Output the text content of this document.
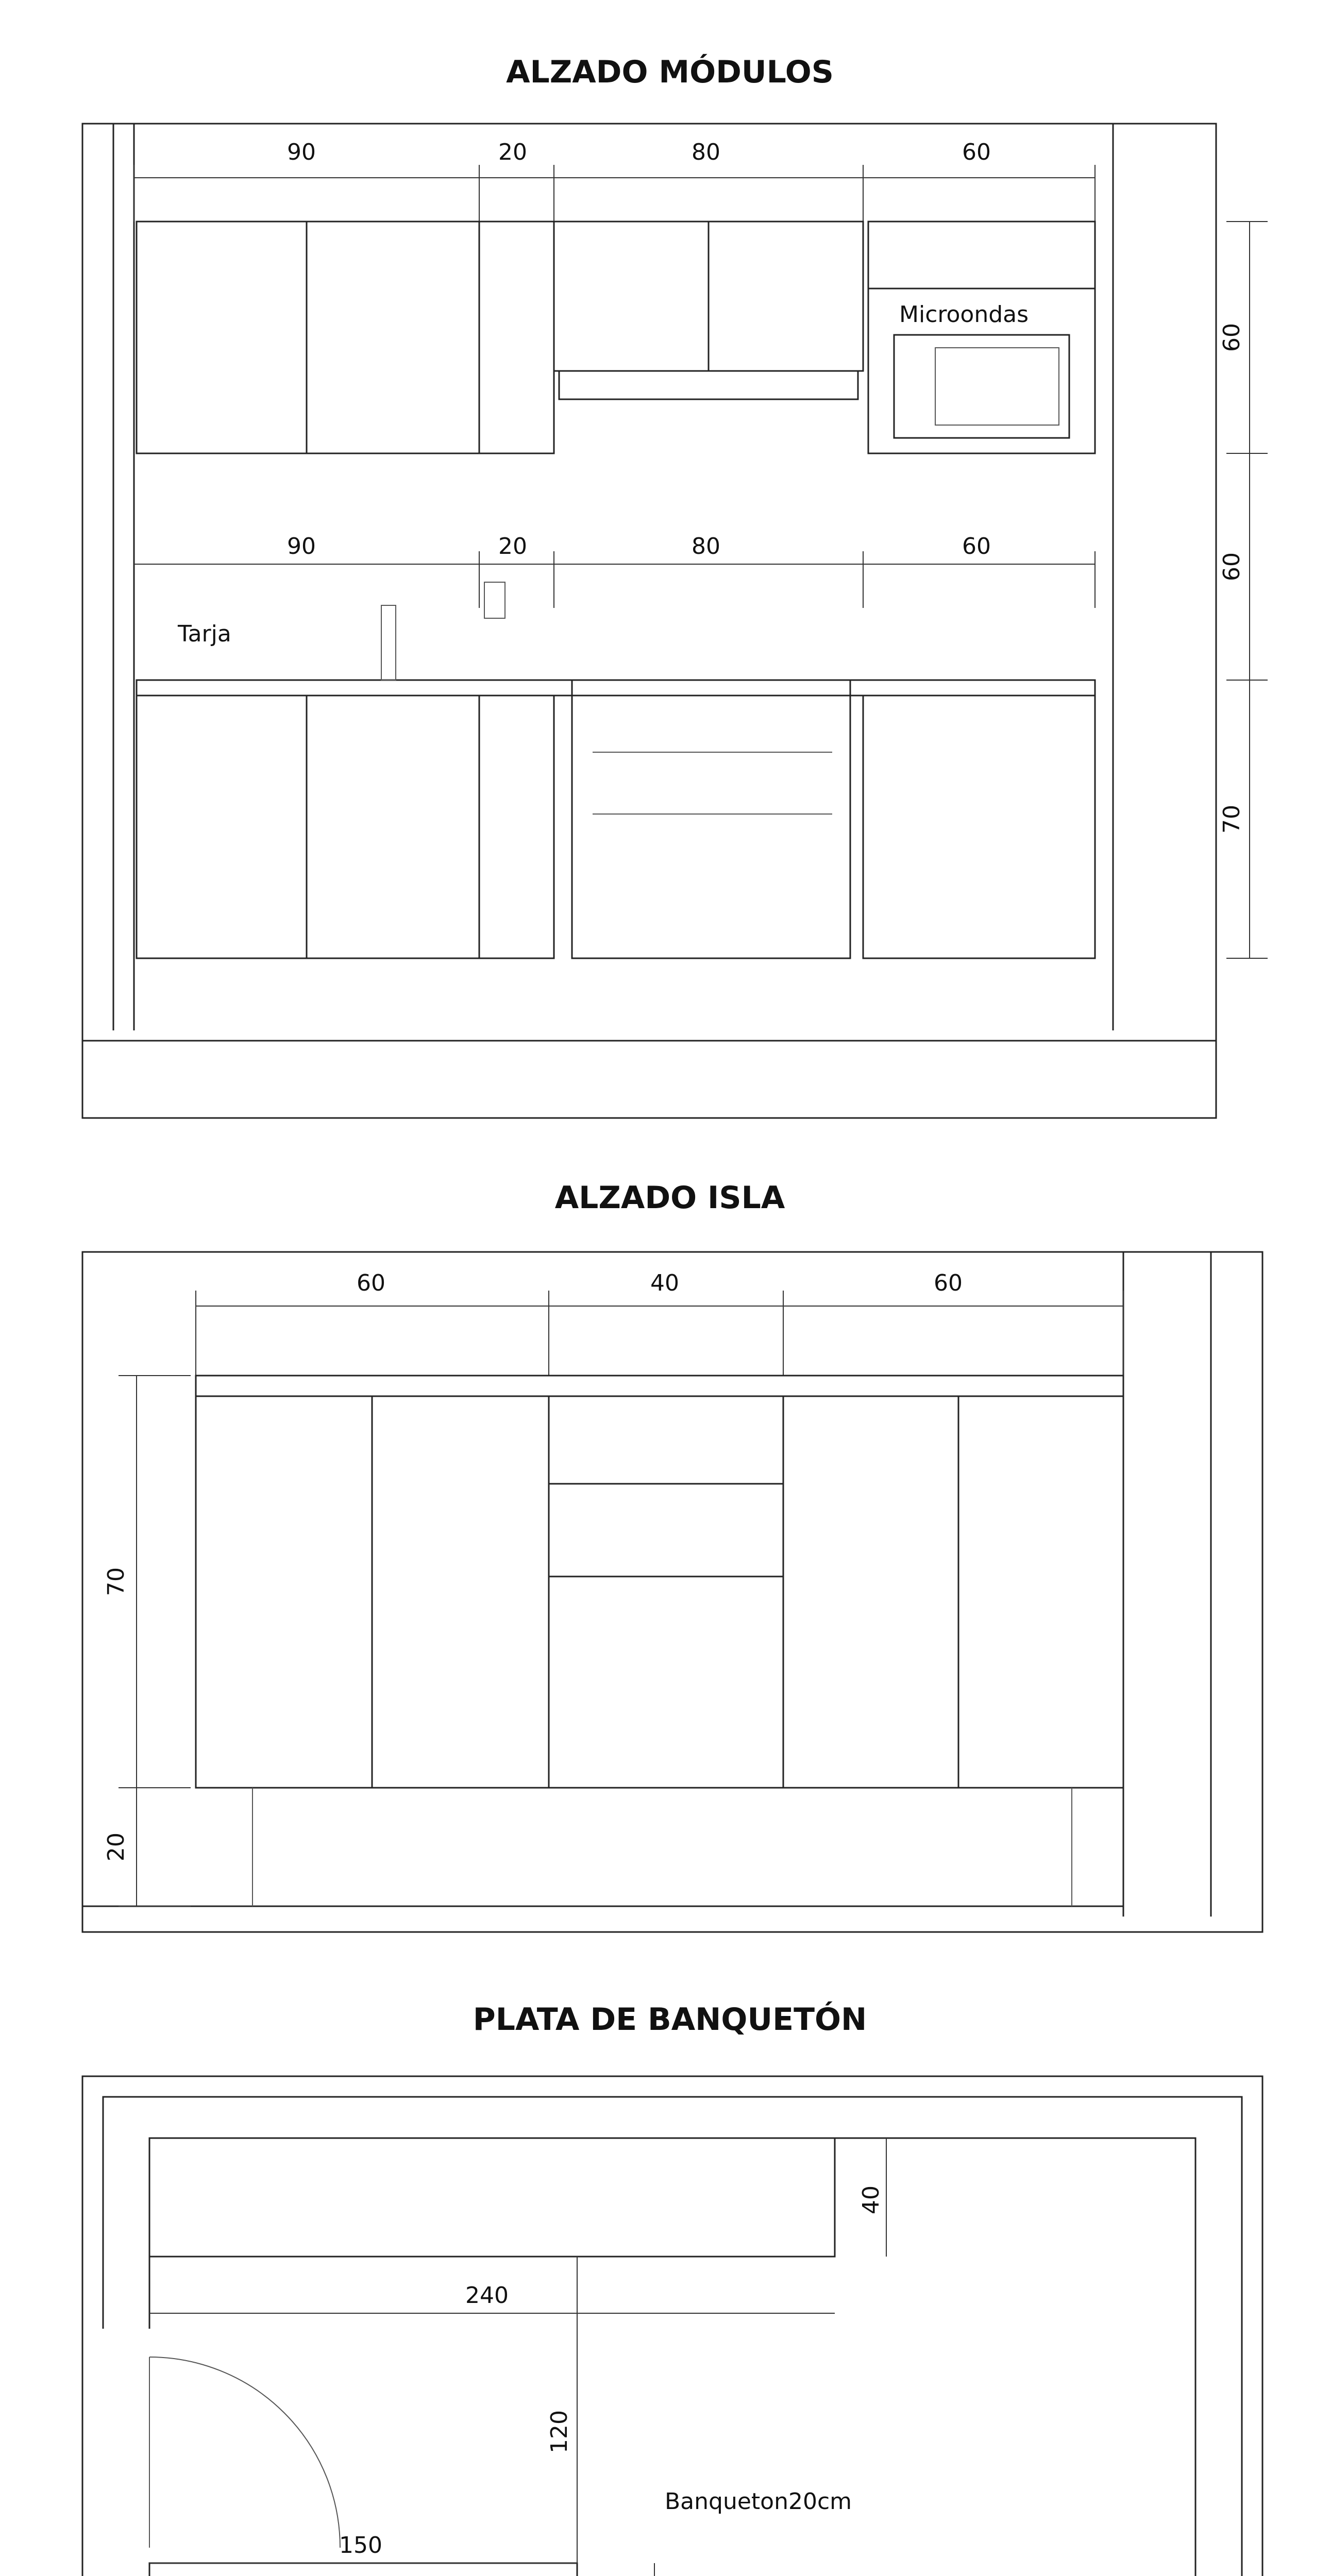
ALZADO MÓDULOS
90	20	80	60
Microondas
90	20	80	60
Tarja
60
60
70
ALZADO ISLA
60	40	60
70
20
PLATA DE BANQUETÓN
40
240
120
150
Banqueton20cm
